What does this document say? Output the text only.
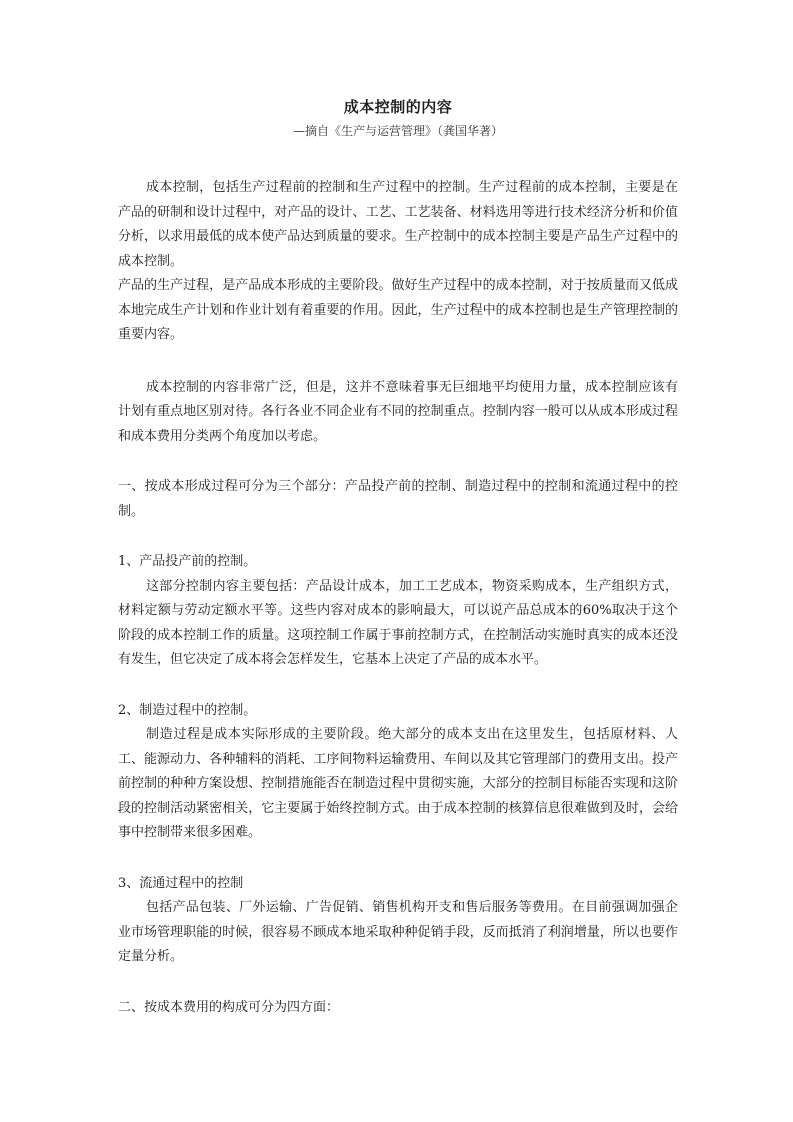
成本控制的内容
—摘自《生产与运营管理》（龚国华著）

成本控制，包括生产过程前的控制和生产过程中的控制。生产过程前的成本控制，主要是在产品的研制和设计过程中，对产品的设计、工艺、工艺装备、材料选用等进行技术经济分析和价值分析，以求用最低的成本使产品达到质量的要求。生产控制中的成本控制主要是产品生产过程中的成本控制。

产品的生产过程，是产品成本形成的主要阶段。做好生产过程中的成本控制，对于按质量而又低成本地完成生产计划和作业计划有着重要的作用。因此，生产过程中的成本控制也是生产管理控制的重要内容。

成本控制的内容非常广泛，但是，这并不意味着事无巨细地平均使用力量，成本控制应该有计划有重点地区别对待。各行各业不同企业有不同的控制重点。控制内容一般可以从成本形成过程和成本费用分类两个角度加以考虑。

一、按成本形成过程可分为三个部分：产品投产前的控制、制造过程中的控制和流通过程中的控制。

1、产品投产前的控制。

这部分控制内容主要包括：产品设计成本，加工工艺成本，物资采购成本，生产组织方式，材料定额与劳动定额水平等。这些内容对成本的影响最大，可以说产品总成本的60%取决于这个阶段的成本控制工作的质量。这项控制工作属于事前控制方式，在控制活动实施时真实的成本还没有发生，但它决定了成本将会怎样发生，它基本上决定了产品的成本水平。

2、制造过程中的控制。

制造过程是成本实际形成的主要阶段。绝大部分的成本支出在这里发生，包括原材料、人工、能源动力、各种辅料的消耗、工序间物料运输费用、车间以及其它管理部门的费用支出。投产前控制的种种方案设想、控制措施能否在制造过程中贯彻实施，大部分的控制目标能否实现和这阶段的控制活动紧密相关，它主要属于始终控制方式。由于成本控制的核算信息很难做到及时，会给事中控制带来很多困难。

3、流通过程中的控制

包括产品包装、厂外运输、广告促销、销售机构开支和售后服务等费用。在目前强调加强企业市场管理职能的时候，很容易不顾成本地采取种种促销手段，反而抵消了利润增量，所以也要作定量分析。

二、按成本费用的构成可分为四方面：
